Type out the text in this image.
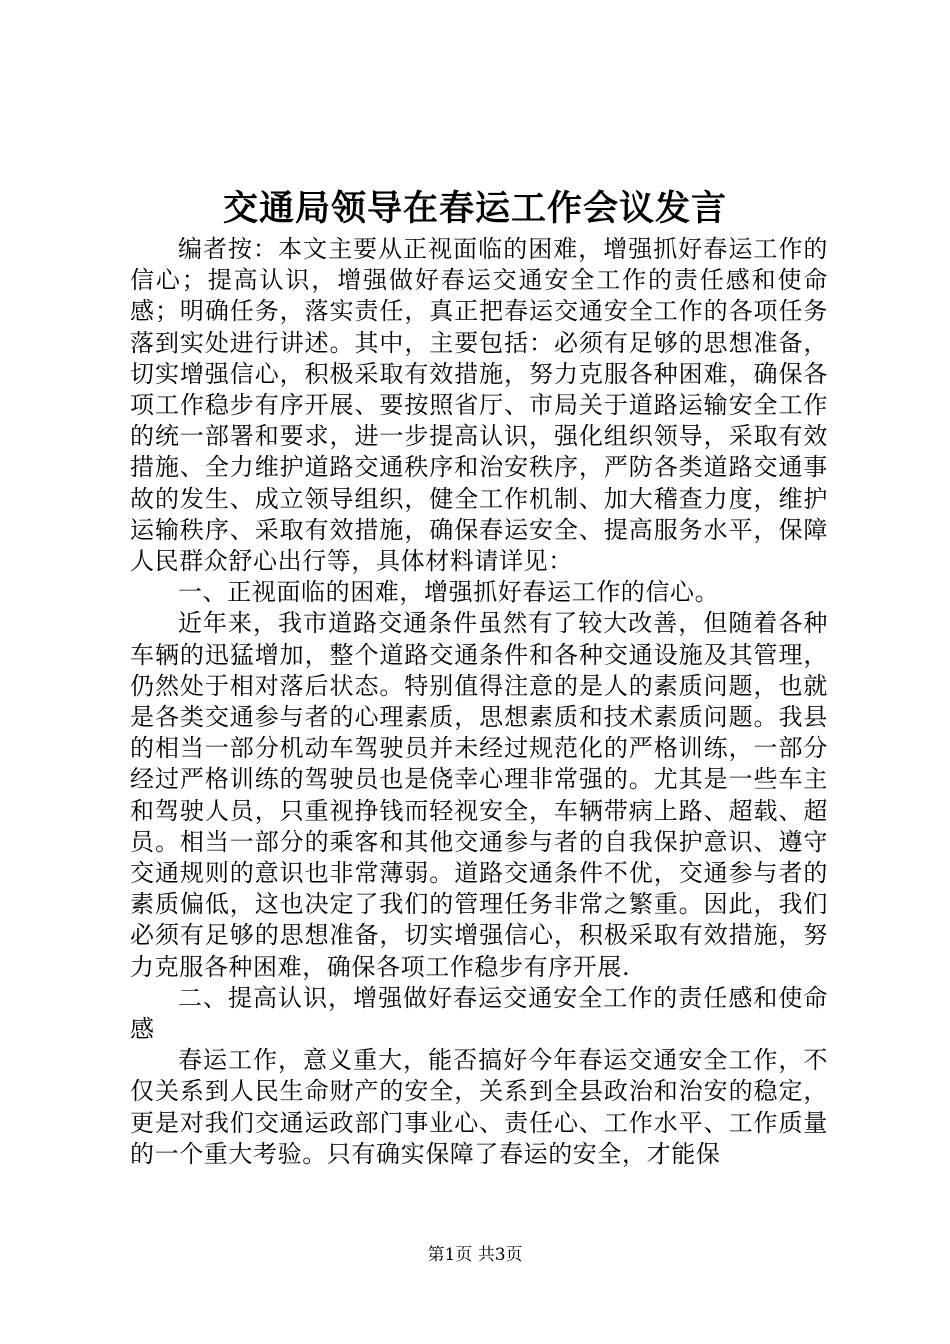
交通局领导在春运工作会议发言

编者按：本文主要从正视面临的困难，增强抓好春运工作的信心；提高认识，增强做好春运交通安全工作的责任感和使命感；明确任务，落实责任，真正把春运交通安全工作的各项任务落到实处进行讲述。其中，主要包括：必须有足够的思想准备，切实增强信心，积极采取有效措施，努力克服各种困难，确保各项工作稳步有序开展、要按照省厅、市局关于道路运输安全工作的统一部署和要求，进一步提高认识，强化组织领导，采取有效措施、全力维护道路交通秩序和治安秩序，严防各类道路交通事故的发生、成立领导组织，健全工作机制、加大稽查力度，维护运输秩序、采取有效措施，确保春运安全、提高服务水平，保障人民群众舒心出行等，具体材料请详见：

一、正视面临的困难，增强抓好春运工作的信心。

近年来，我市道路交通条件虽然有了较大改善，但随着各种车辆的迅猛增加，整个道路交通条件和各种交通设施及其管理，仍然处于相对落后状态。特别值得注意的是人的素质问题，也就是各类交通参与者的心理素质，思想素质和技术素质问题。我县的相当一部分机动车驾驶员并未经过规范化的严格训练，一部分经过严格训练的驾驶员也是侥幸心理非常强的。尤其是一些车主和驾驶人员，只重视挣钱而轻视安全，车辆带病上路、超载、超员。相当一部分的乘客和其他交通参与者的自我保护意识、遵守交通规则的意识也非常薄弱。道路交通条件不优，交通参与者的素质偏低，这也决定了我们的管理任务非常之繁重。因此，我们必须有足够的思想准备，切实增强信心，积极采取有效措施，努力克服各种困难，确保各项工作稳步有序开展.

二、提高认识，增强做好春运交通安全工作的责任感和使命感

春运工作，意义重大，能否搞好今年春运交通安全工作，不仅关系到人民生命财产的安全，关系到全县政治和治安的稳定，更是对我们交通运政部门事业心、责任心、工作水平、工作质量的一个重大考验。只有确实保障了春运的安全，才能保

第1页 共3页
